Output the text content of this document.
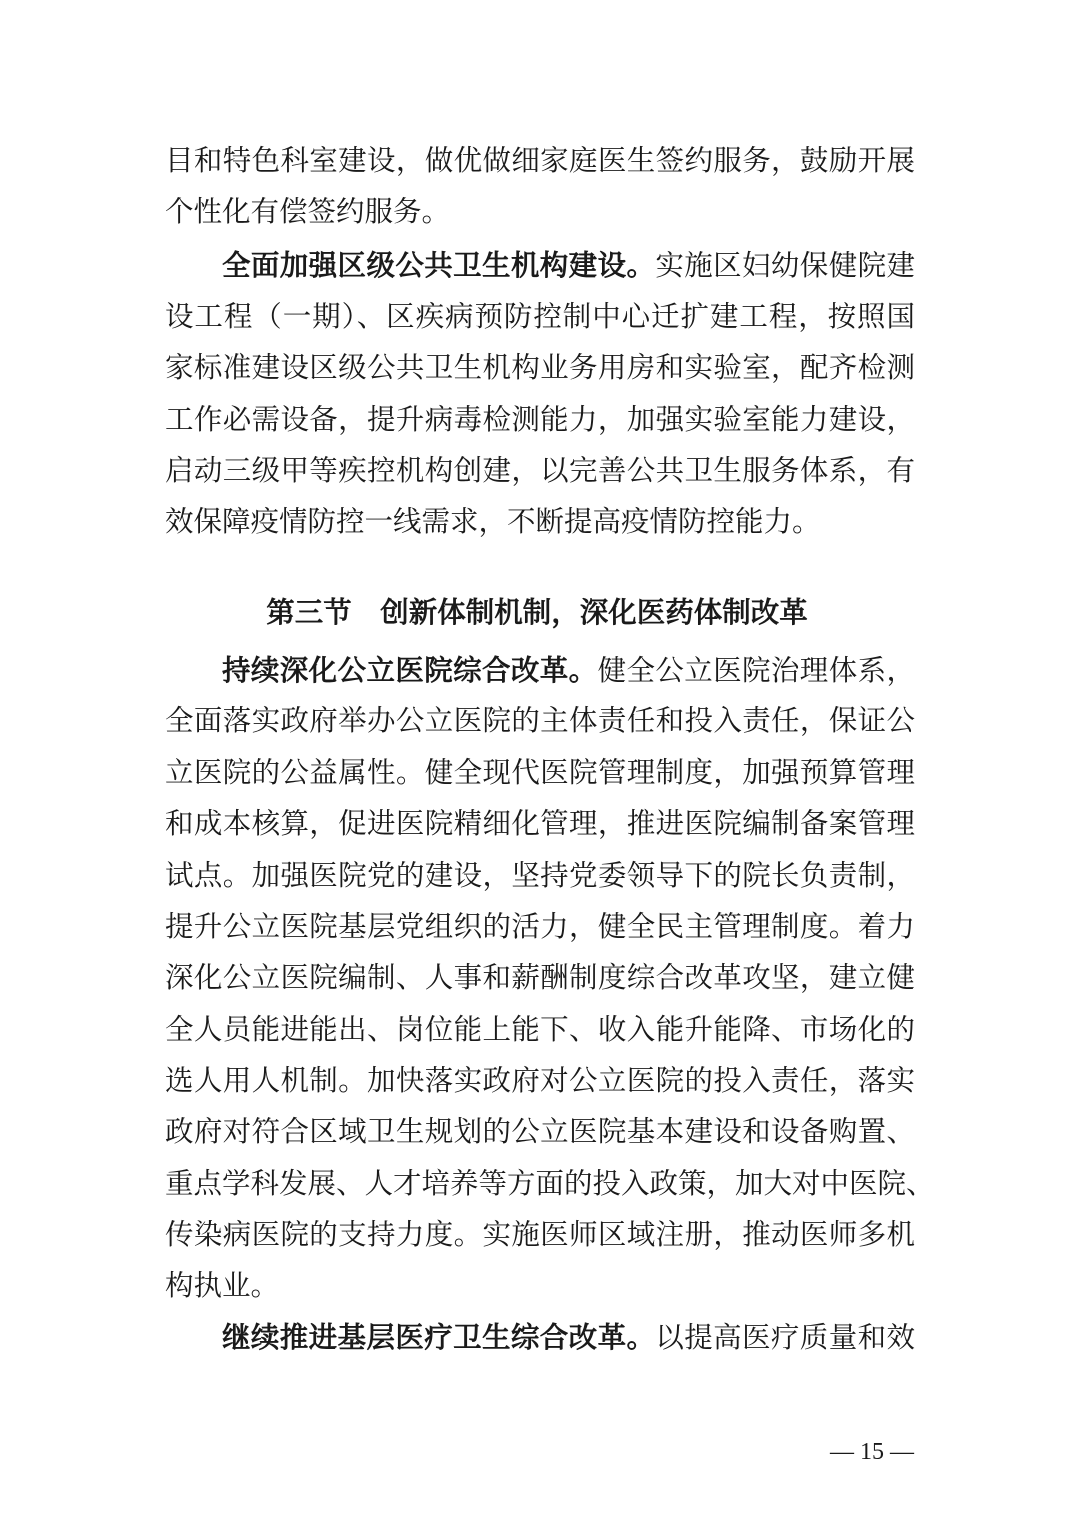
目和特色科室建设，做优做细家庭医生签约服务，鼓励开展
个性化有偿签约服务。
全面加强区级公共卫生机构建设。实施区妇幼保健院建
设工程（一期）、区疾病预防控制中心迁扩建工程，按照国
家标准建设区级公共卫生机构业务用房和实验室，配齐检测
工作必需设备，提升病毒检测能力，加强实验室能力建设，
启动三级甲等疾控机构创建，以完善公共卫生服务体系，有
效保障疫情防控一线需求，不断提高疫情防控能力。
第三节　创新体制机制，深化医药体制改革
持续深化公立医院综合改革。健全公立医院治理体系，
全面落实政府举办公立医院的主体责任和投入责任，保证公
立医院的公益属性。健全现代医院管理制度，加强预算管理
和成本核算，促进医院精细化管理，推进医院编制备案管理
试点。加强医院党的建设，坚持党委领导下的院长负责制，
提升公立医院基层党组织的活力，健全民主管理制度。着力
深化公立医院编制、人事和薪酬制度综合改革攻坚，建立健
全人员能进能出、岗位能上能下、收入能升能降、市场化的
选人用人机制。加快落实政府对公立医院的投入责任，落实
政府对符合区域卫生规划的公立医院基本建设和设备购置、
重点学科发展、人才培养等方面的投入政策，加大对中医院、
传染病医院的支持力度。实施医师区域注册，推动医师多机
构执业。
继续推进基层医疗卫生综合改革。以提高医疗质量和效
— 15 —
